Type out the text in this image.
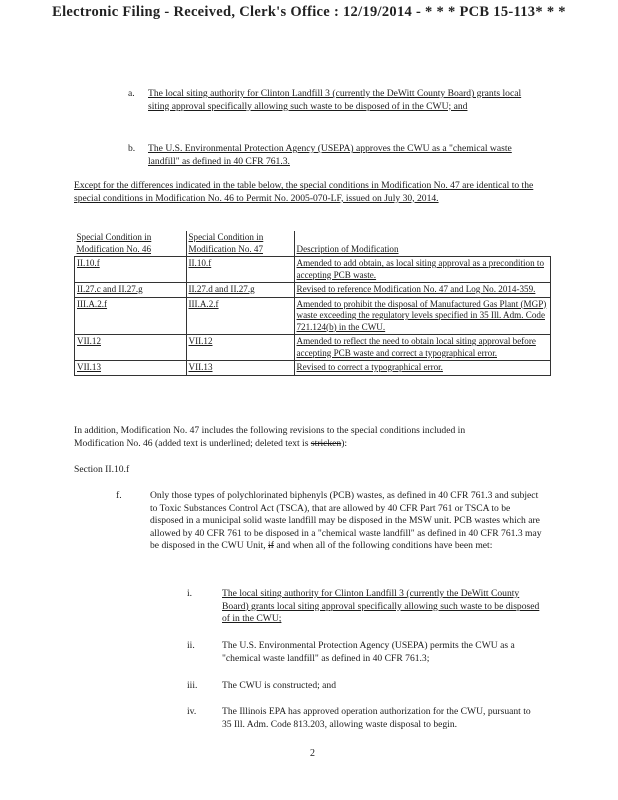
Electronic Filing - Received, Clerk's Office : 12/19/2014 - * * * PCB 15-113* * *
a. The local siting authority for Clinton Landfill 3 (currently the DeWitt County Board) grants local siting approval specifically allowing such waste to be disposed of in the CWU; and
b. The U.S. Environmental Protection Agency (USEPA) approves the CWU as a "chemical waste landfill" as defined in 40 CFR 761.3.
Except for the differences indicated in the table below, the special conditions in Modification No. 47 are identical to the special conditions in Modification No. 46 to Permit No. 2005-070-LF, issued on July 30, 2014.
Special Condition in Modification No. 46	Special Condition in Modification No. 47	Description of Modification
II.10.f	II.10.f	Amended to add obtain, as local siting approval as a precondition to accepting PCB waste.
II.27.c and II.27.g	II.27.d and II.27.g	Revised to reference Modification No. 47 and Log No. 2014-359.
III.A.2.f	III.A.2.f	Amended to prohibit the disposal of Manufactured Gas Plant (MGP) waste exceeding the regulatory levels specified in 35 Ill. Adm. Code 721.124(b) in the CWU.
VII.12	VII.12	Amended to reflect the need to obtain local siting approval before accepting PCB waste and correct a typographical error.
VII.13	VII.13	Revised to correct a typographical error.
In addition, Modification No. 47 includes the following revisions to the special conditions included in
Modification No. 46 (added text is underlined; deleted text is stricken):
Section II.10.f
f.	Only those types of polychlorinated biphenyls (PCB) wastes, as defined in 40 CFR 761.3 and subject to Toxic Substances Control Act (TSCA), that are allowed by 40 CFR Part 761 or TSCA to be disposed in a municipal solid waste landfill may be disposed in the MSW unit. PCB wastes which are allowed by 40 CFR 761 to be disposed in a "chemical waste landfill" as defined in 40 CFR 761.3 may be disposed in the CWU Unit, if and when all of the following conditions have been met:
i.	The local siting authority for Clinton Landfill 3 (currently the DeWitt County Board) grants local siting approval specifically allowing such waste to be disposed of in the CWU;
ii.	The U.S. Environmental Protection Agency (USEPA) permits the CWU as a "chemical waste landfill" as defined in 40 CFR 761.3;
iii.	The CWU is constructed; and
iv.	The Illinois EPA has approved operation authorization for the CWU, pursuant to 35 Ill. Adm. Code 813.203, allowing waste disposal to begin.
2
